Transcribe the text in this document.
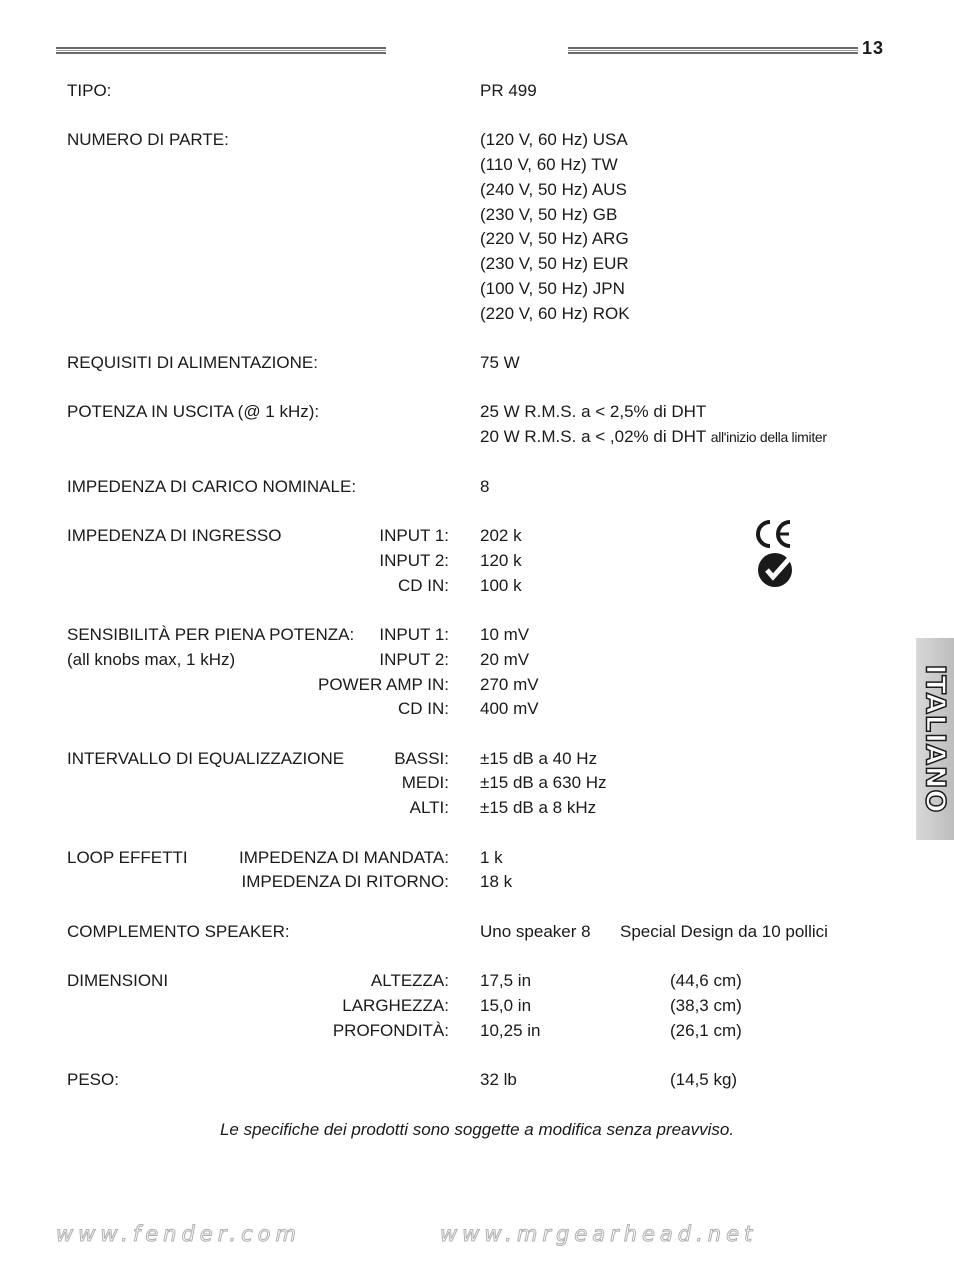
13
TIPO:	PR 499
NUMERO DI PARTE:	(120 V, 60 Hz) USA
(110 V, 60 Hz) TW
(240 V, 50 Hz) AUS
(230 V, 50 Hz) GB
(220 V, 50 Hz) ARG
(230 V, 50 Hz) EUR
(100 V, 50 Hz) JPN
(220 V, 60 Hz) ROK
REQUISITI DI ALIMENTAZIONE:	75 W
POTENZA IN USCITA (@ 1 kHz):	25 W R.M.S. a < 2,5% di DHT
20 W R.M.S. a < ,02% di DHT all'inizio della limiter
IMPEDENZA DI CARICO NOMINALE:	8
IMPEDENZA DI INGRESSO	INPUT 1: 202 k
INPUT 2: 120 k
CD IN: 100 k
SENSIBILITÀ PER PIENA POTENZA:
(all knobs max, 1 kHz)
INPUT 1: 10 mV
INPUT 2: 20 mV
POWER AMP IN: 270 mV
CD IN: 400 mV
INTERVALLO DI EQUALIZZAZIONE	BASSI: ±15 dB a 40 Hz
MEDI: ±15 dB a 630 Hz
ALTI: ±15 dB a 8 kHz
LOOP EFFETTI	IMPEDENZA DI MANDATA: 1 k
IMPEDENZA DI RITORNO: 18 k
COMPLEMENTO SPEAKER:	Uno speaker 8 Special Design da 10 pollici
DIMENSIONI	ALTEZZA: 17,5 in	(44,6 cm)
LARGHEZZA: 15,0 in	(38,3 cm)
PROFONDITÀ: 10,25 in	(26,1 cm)
PESO:	32 lb	(14,5 kg)
Le specifiche dei prodotti sono soggette a modifica senza preavviso.
ITALIANO
www.fender.com	www.mrgearhead.net
